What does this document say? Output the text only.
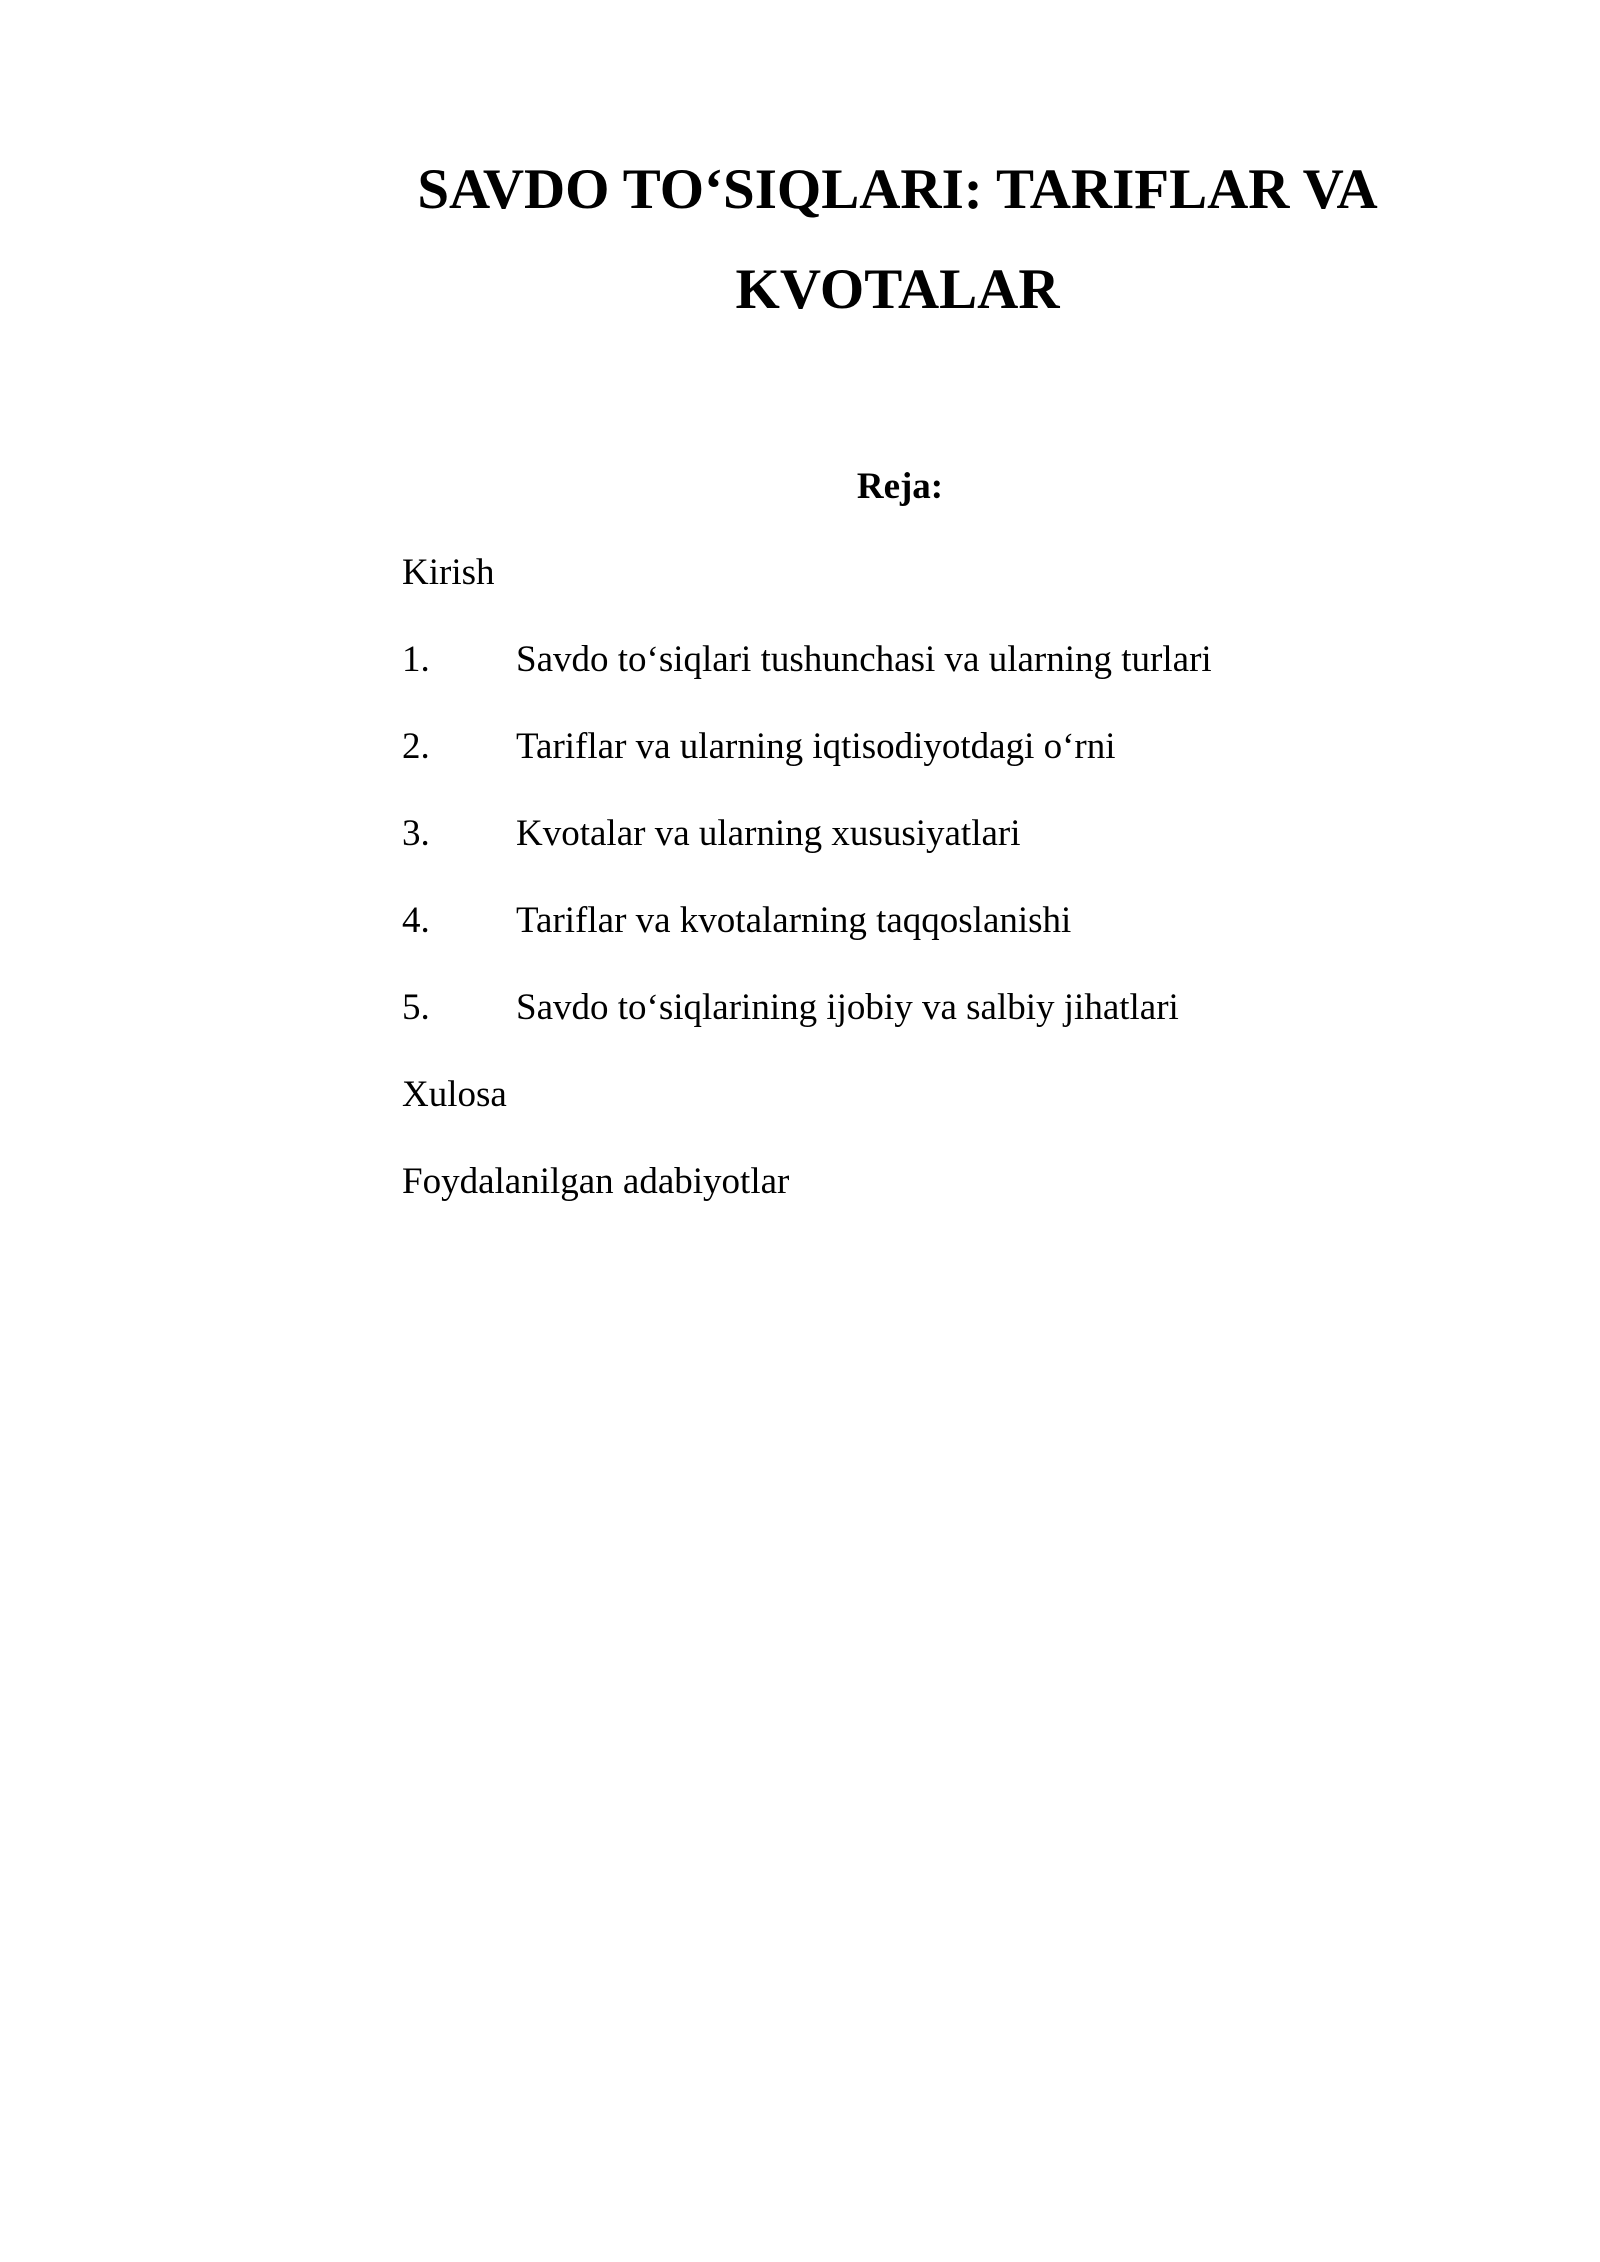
SAVDO TO‘SIQLARI: TARIFLAR VA
KVOTALAR
Reja:
Kirish
1.	Savdo to‘siqlari tushunchasi va ularning turlari
2.	Tariflar va ularning iqtisodiyotdagi o‘rni
3.	Kvotalar va ularning xususiyatlari
4.	Tariflar va kvotalarning taqqoslanishi
5.	Savdo to‘siqlarining ijobiy va salbiy jihatlari
Xulosa
Foydalanilgan adabiyotlar
